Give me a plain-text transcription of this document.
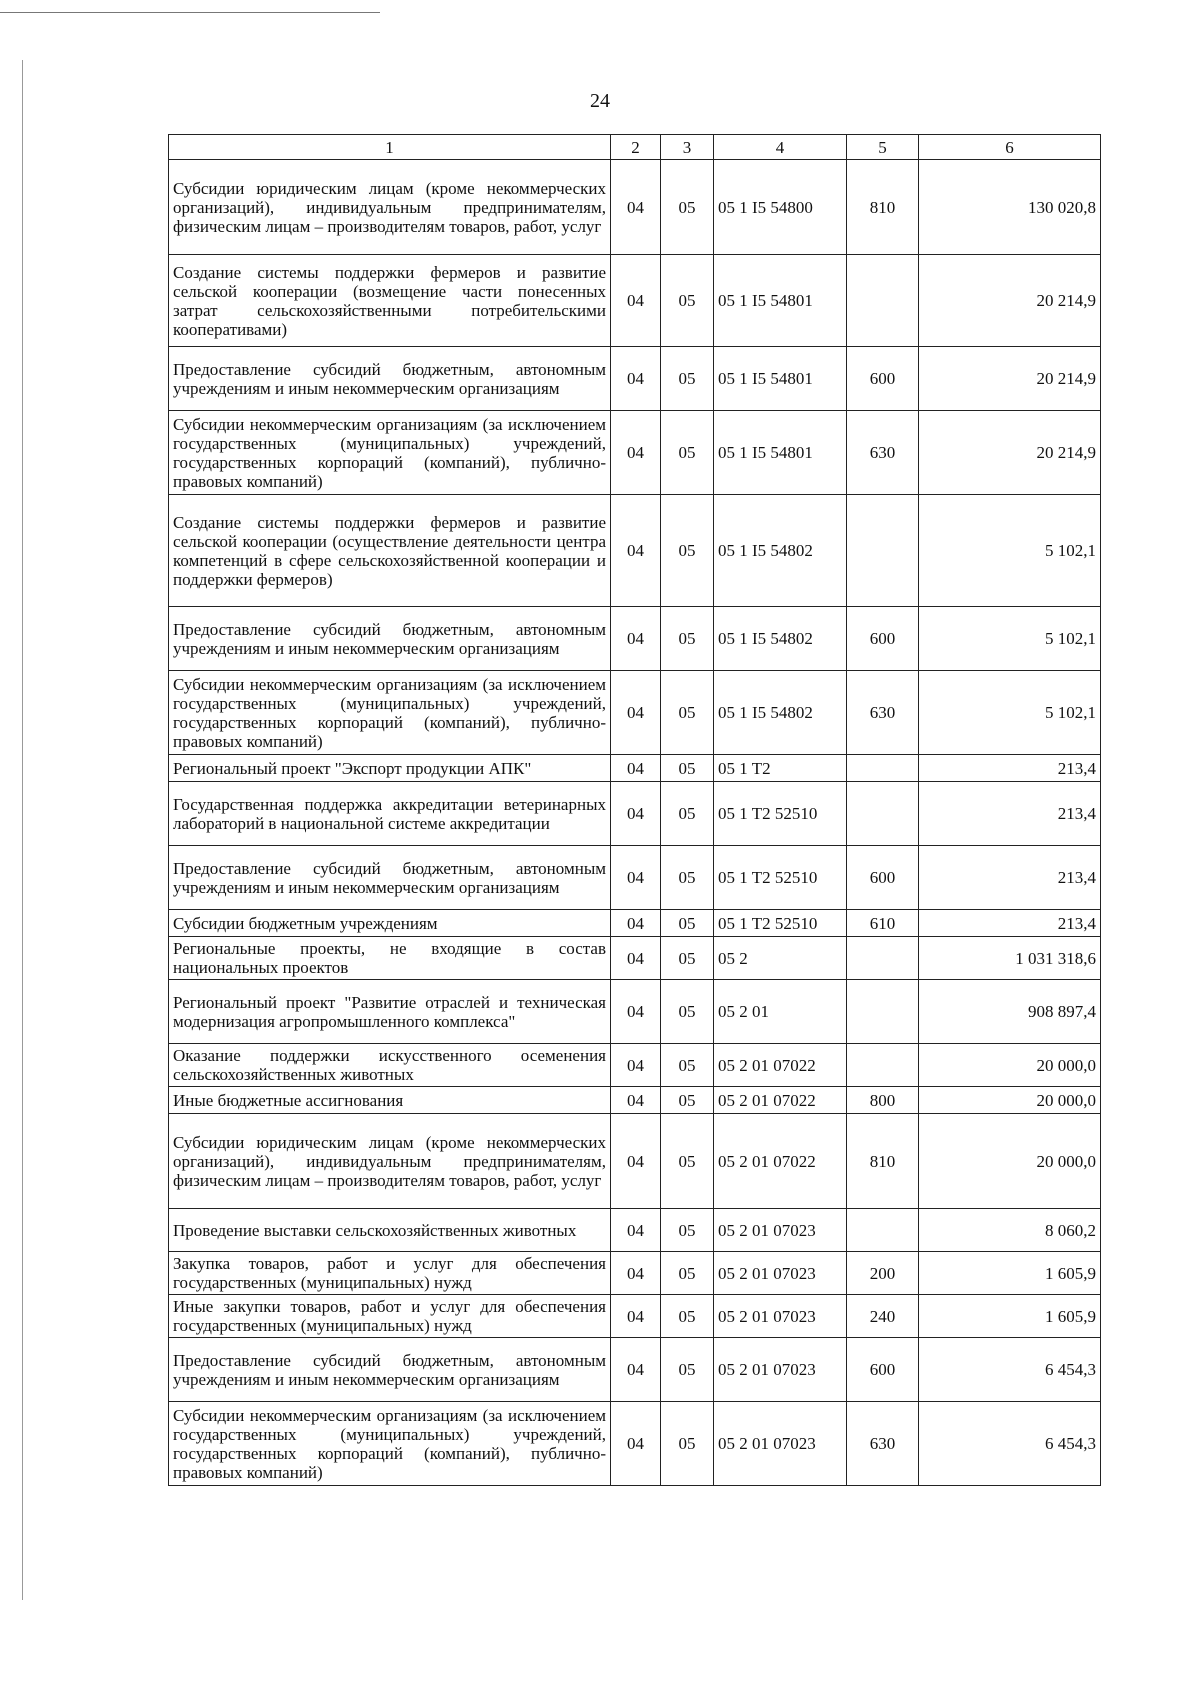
24
1	2	3	4	5	6
Субсидии юридическим лицам (кроме некоммерческих организаций), индивидуальным предпринимателям, физическим лицам – производителям товаров, работ, услуг	04	05	05 1 I5 54800	810	130 020,8
Создание системы поддержки фермеров и развитие сельской кооперации (возмещение части понесенных затрат сельскохозяйственными потребительскими кооперативами)	04	05	05 1 I5 54801		20 214,9
Предоставление субсидий бюджетным, автономным учреждениям и иным некоммерческим организациям	04	05	05 1 I5 54801	600	20 214,9
Субсидии некоммерческим организациям (за исключением государственных (муниципальных) учреждений, государственных корпораций (компаний), публично-правовых компаний)	04	05	05 1 I5 54801	630	20 214,9
Создание системы поддержки фермеров и развитие сельской кооперации (осуществление деятельности центра компетенций в сфере сельскохозяйственной кооперации и поддержки фермеров)	04	05	05 1 I5 54802		5 102,1
Предоставление субсидий бюджетным, автономным учреждениям и иным некоммерческим организациям	04	05	05 1 I5 54802	600	5 102,1
Субсидии некоммерческим организациям (за исключением государственных (муниципальных) учреждений, государственных корпораций (компаний), публично-правовых компаний)	04	05	05 1 I5 54802	630	5 102,1
Региональный проект "Экспорт продукции АПК"	04	05	05 1 T2		213,4
Государственная поддержка аккредитации ветеринарных лабораторий в национальной системе аккредитации	04	05	05 1 T2 52510		213,4
Предоставление субсидий бюджетным, автономным учреждениям и иным некоммерческим организациям	04	05	05 1 T2 52510	600	213,4
Субсидии бюджетным учреждениям	04	05	05 1 T2 52510	610	213,4
Региональные проекты, не входящие в состав национальных проектов	04	05	05 2		1 031 318,6
Региональный проект "Развитие отраслей и техническая модернизация агропромышленного комплекса"	04	05	05 2 01		908 897,4
Оказание поддержки искусственного осеменения сельскохозяйственных животных	04	05	05 2 01 07022		20 000,0
Иные бюджетные ассигнования	04	05	05 2 01 07022	800	20 000,0
Субсидии юридическим лицам (кроме некоммерческих организаций), индивидуальным предпринимателям, физическим лицам – производителям товаров, работ, услуг	04	05	05 2 01 07022	810	20 000,0
Проведение выставки сельскохозяйственных животных	04	05	05 2 01 07023		8 060,2
Закупка товаров, работ и услуг для обеспечения государственных (муниципальных) нужд	04	05	05 2 01 07023	200	1 605,9
Иные закупки товаров, работ и услуг для обеспечения государственных (муниципальных) нужд	04	05	05 2 01 07023	240	1 605,9
Предоставление субсидий бюджетным, автономным учреждениям и иным некоммерческим организациям	04	05	05 2 01 07023	600	6 454,3
Субсидии некоммерческим организациям (за исключением государственных (муниципальных) учреждений, государственных корпораций (компаний), публично-правовых компаний)	04	05	05 2 01 07023	630	6 454,3
